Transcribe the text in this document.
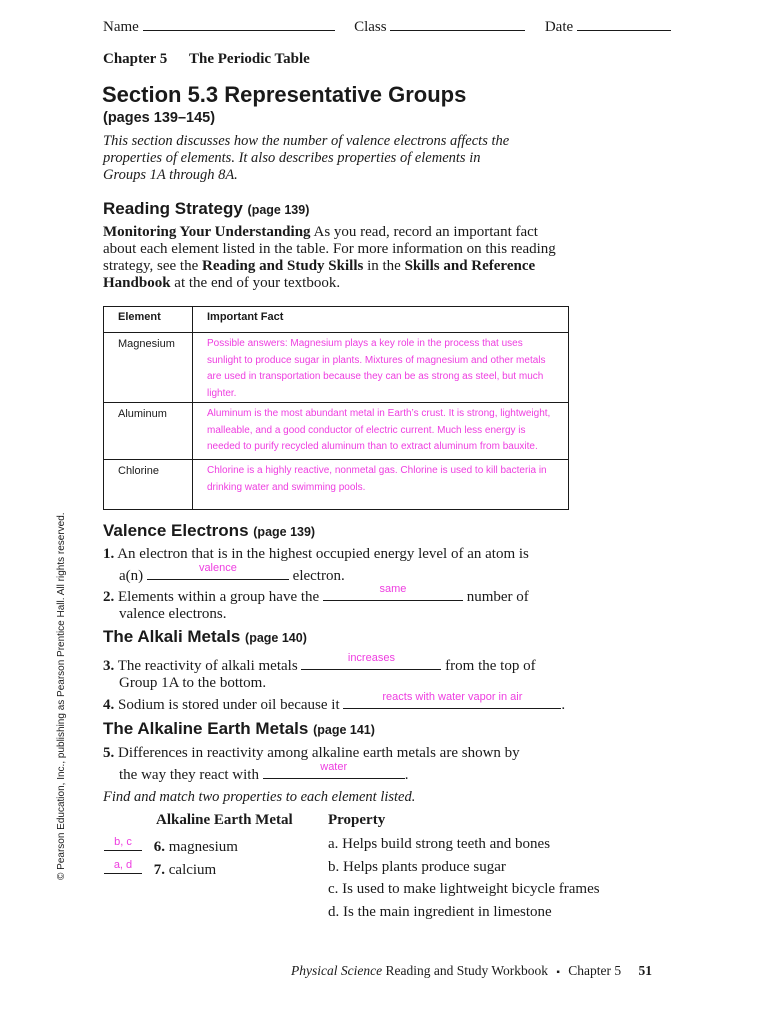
Name	Class	Date
Chapter 5 The Periodic Table
Section 5.3 Representative Groups
(pages 139–145)
This section discusses how the number of valence electrons affects the properties of elements. It also describes properties of elements in Groups 1A through 8A.
Reading Strategy (page 139)
Monitoring Your Understanding As you read, record an important fact about each element listed in the table. For more information on this reading strategy, see the Reading and Study Skills in the Skills and Reference Handbook at the end of your textbook.
Element	Important Fact
Magnesium	Possible answers: Magnesium plays a key role in the process that uses sunlight to produce sugar in plants. Mixtures of magnesium and other metals are used in transportation because they can be as strong as steel, but much lighter.
Aluminum	Aluminum is the most abundant metal in Earth’s crust. It is strong, lightweight, malleable, and a good conductor of electric current. Much less energy is needed to purify recycled aluminum than to extract aluminum from bauxite.
Chlorine	Chlorine is a highly reactive, nonmetal gas. Chlorine is used to kill bacteria in drinking water and swimming pools.
Valence Electrons (page 139)
1. An electron that is in the highest occupied energy level of an atom is
a(n)	valence	electron.
2. Elements within a group have the	same	number of
valence electrons.
The Alkali Metals (page 140)
3. The reactivity of alkali metals	increases	from the top of
Group 1A to the bottom.
4. Sodium is stored under oil because it	reacts with water vapor in air	.
The Alkaline Earth Metals (page 141)
5. Differences in reactivity among alkaline earth metals are shown by
the way they react with	water	.
Find and match two properties to each element listed.
Alkaline Earth Metal Property
b, c	6. magnesium
a, d	7. calcium
a. Helps build strong teeth and bones
b. Helps plants produce sugar
c. Is used to make lightweight bicycle frames
d. Is the main ingredient in limestone
Physical Science Reading and Study Workbook ▪ Chapter 5 51
© Pearson Education, Inc., publishing as Pearson Prentice Hall. All rights reserved.
